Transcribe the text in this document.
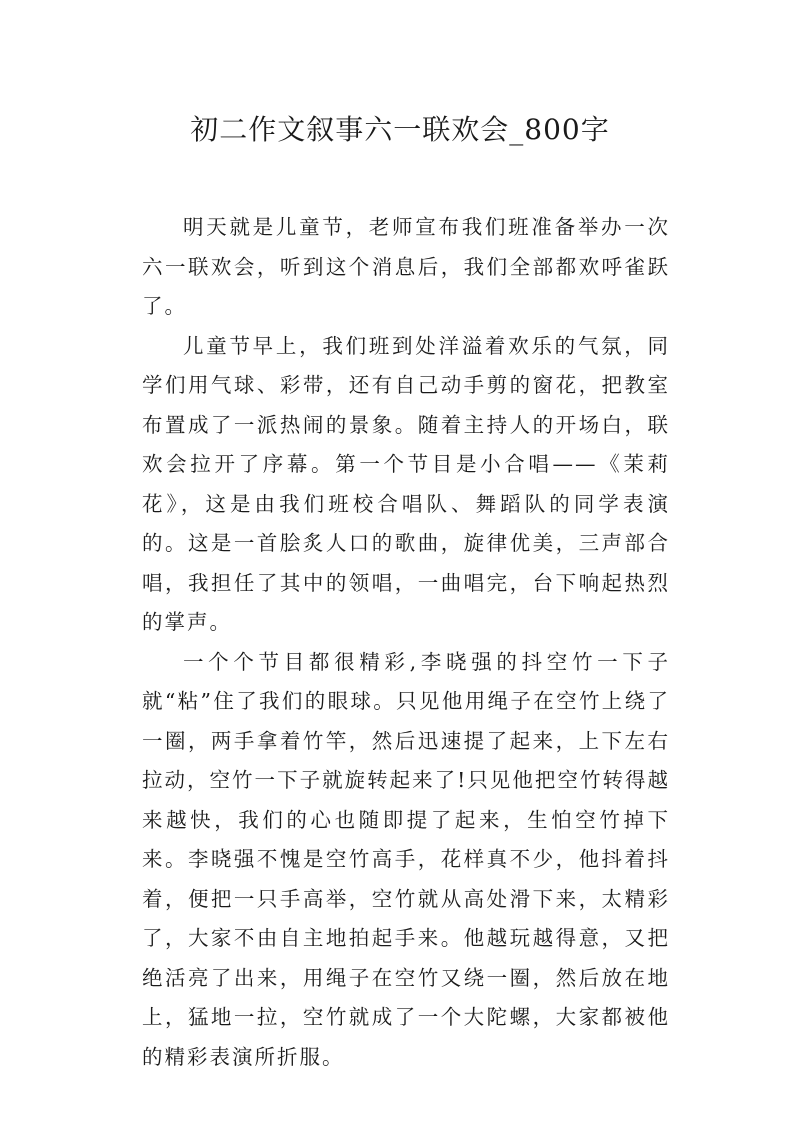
初二作文叙事六一联欢会_800字

明天就是儿童节，老师宣布我们班准备举办一次六一联欢会，听到这个消息后，我们全部都欢呼雀跃了。

儿童节早上，我们班到处洋溢着欢乐的气氛，同学们用气球、彩带，还有自己动手剪的窗花，把教室布置成了一派热闹的景象。随着主持人的开场白，联欢会拉开了序幕。第一个节目是小合唱——《茉莉花》，这是由我们班校合唱队、舞蹈队的同学表演的。这是一首脍炙人口的歌曲，旋律优美，三声部合唱，我担任了其中的领唱，一曲唱完，台下响起热烈的掌声。

一个个节目都很精彩,李晓强的抖空竹一下子就“粘”住了我们的眼球。只见他用绳子在空竹上绕了一圈，两手拿着竹竿，然后迅速提了起来，上下左右拉动，空竹一下子就旋转起来了!只见他把空竹转得越来越快，我们的心也随即提了起来，生怕空竹掉下来。李晓强不愧是空竹高手，花样真不少，他抖着抖着，便把一只手高举，空竹就从高处滑下来，太精彩了，大家不由自主地拍起手来。他越玩越得意，又把绝活亮了出来，用绳子在空竹又绕一圈，然后放在地上，猛地一拉，空竹就成了一个大陀螺，大家都被他的精彩表演所折服。
